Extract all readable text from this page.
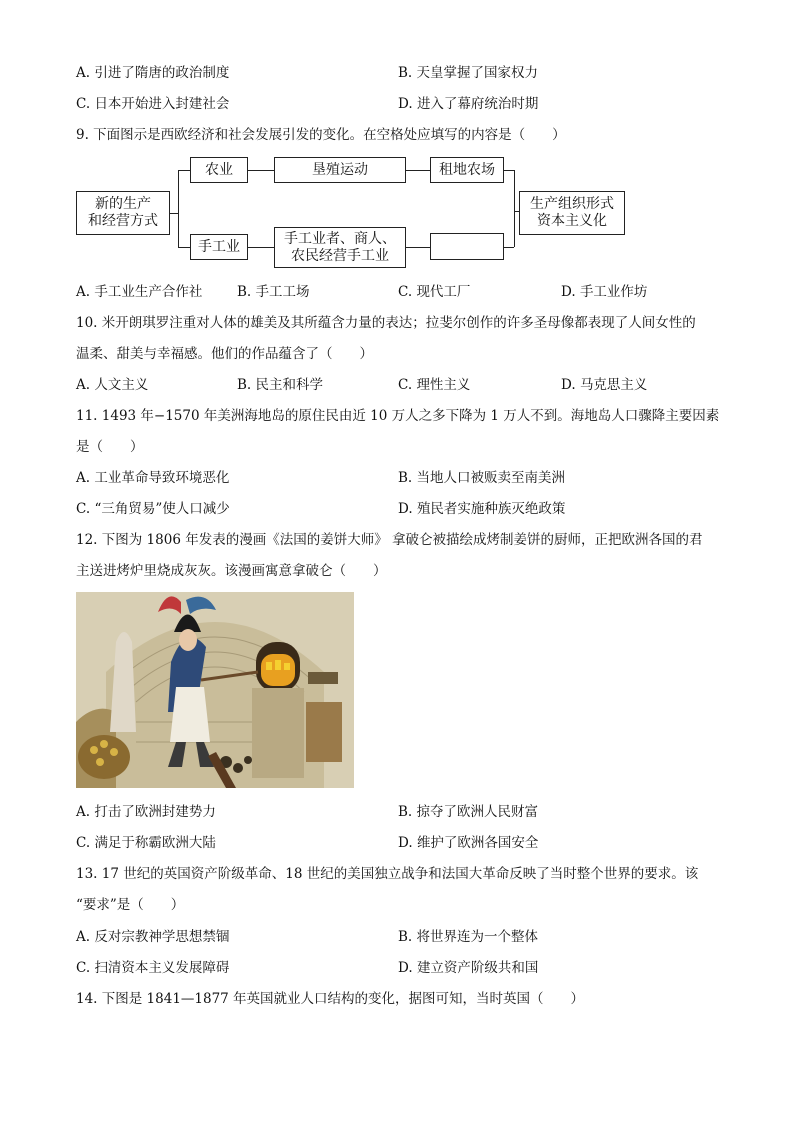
A. 引进了隋唐的政治制度	B. 天皇掌握了国家权力
C. 日本开始进入封建社会	D. 进入了幕府统治时期
9. 下面图示是西欧经济和社会发展引发的变化。在空格处应填写的内容是（　　）
新的生产
和经营方式
农业	垦殖运动	租地农场
手工业	手工业者、商人、
农民经营手工业
生产组织形式
资本主义化
A. 手工业生产合作社	B. 手工工场	C. 现代工厂	D. 手工业作坊
10. 米开朗琪罗注重对人体的雄美及其所蕴含力量的表达；拉斐尔创作的许多圣母像都表现了人间女性的
温柔、甜美与幸福感。他们的作品蕴含了（　　）
A. 人文主义	B. 民主和科学	C. 理性主义	D. 马克思主义
11. 1493 年−1570 年美洲海地岛的原住民由近 10 万人之多下降为 1 万人不到。海地岛人口骤降主要因素
是（　　）
A. 工业革命导致环境恶化	B. 当地人口被贩卖至南美洲
C. “三角贸易”使人口减少	D. 殖民者实施种族灭绝政策
12. 下图为 1806 年发表的漫画《法国的姜饼大师》 拿破仑被描绘成烤制姜饼的厨师，正把欧洲各国的君
主送进烤炉里烧成灰灰。该漫画寓意拿破仑（　　）
A. 打击了欧洲封建势力	B. 掠夺了欧洲人民财富
C. 满足于称霸欧洲大陆	D. 维护了欧洲各国安全
13. 17 世纪的英国资产阶级革命、18 世纪的美国独立战争和法国大革命反映了当时整个世界的要求。该
“要求”是（　　）
A. 反对宗教神学思想禁锢	B. 将世界连为一个整体
C. 扫清资本主义发展障碍	D. 建立资产阶级共和国
14. 下图是 1841—1877 年英国就业人口结构的变化，据图可知，当时英国（　　）
